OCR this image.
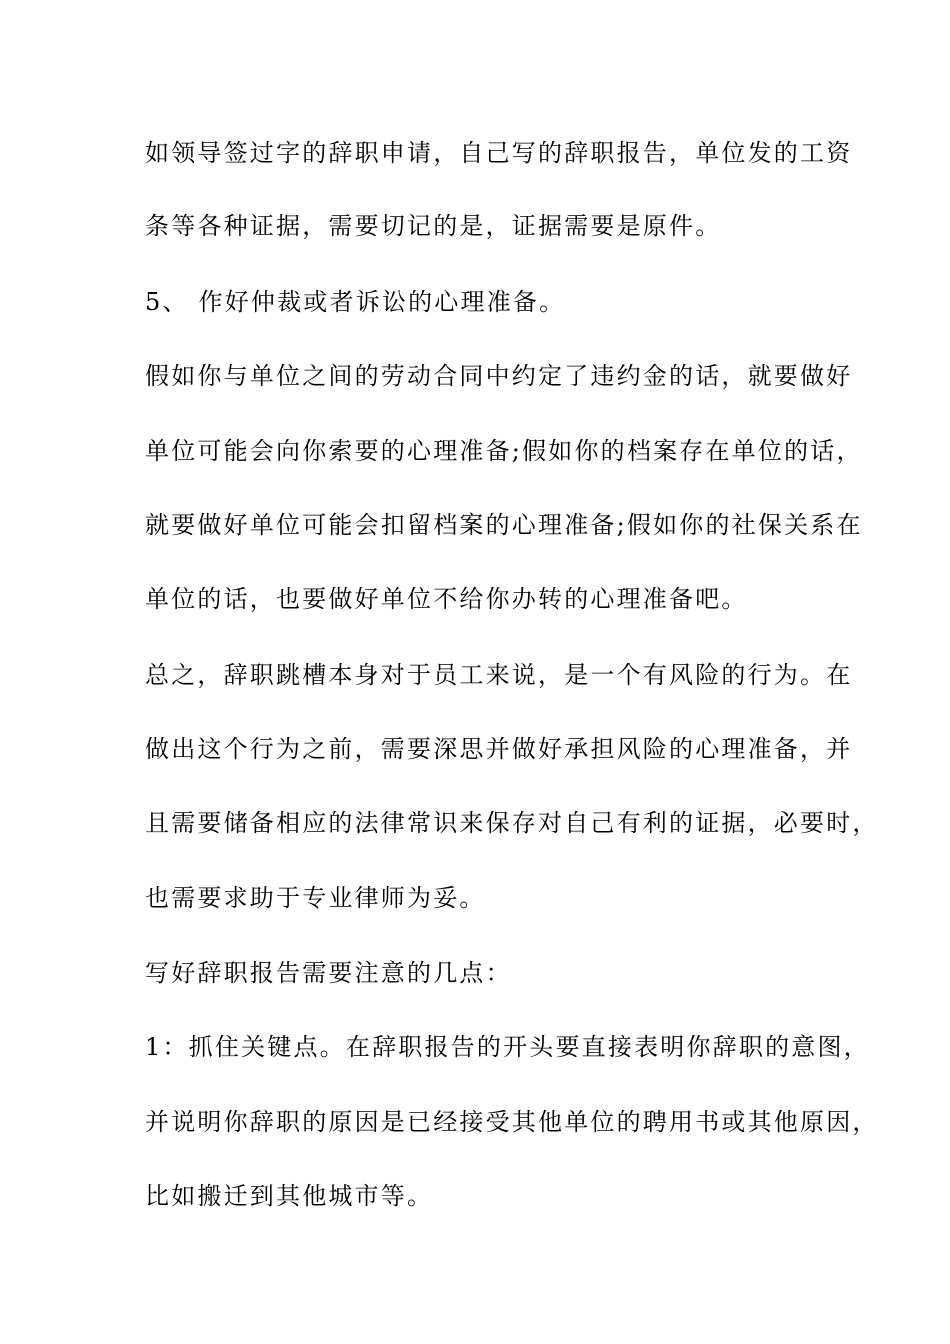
如领导签过字的辞职申请，自己写的辞职报告，单位发的工资
条等各种证据，需要切记的是，证据需要是原件。
5、 作好仲裁或者诉讼的心理准备。
假如你与单位之间的劳动合同中约定了违约金的话，就要做好
单位可能会向你索要的心理准备;假如你的档案存在单位的话，
就要做好单位可能会扣留档案的心理准备;假如你的社保关系在
单位的话，也要做好单位不给你办转的心理准备吧。
总之，辞职跳槽本身对于员工来说，是一个有风险的行为。在
做出这个行为之前，需要深思并做好承担风险的心理准备，并
且需要储备相应的法律常识来保存对自己有利的证据，必要时，
也需要求助于专业律师为妥。
写好辞职报告需要注意的几点：
1：抓住关键点。在辞职报告的开头要直接表明你辞职的意图，
并说明你辞职的原因是已经接受其他单位的聘用书或其他原因，
比如搬迁到其他城市等。
